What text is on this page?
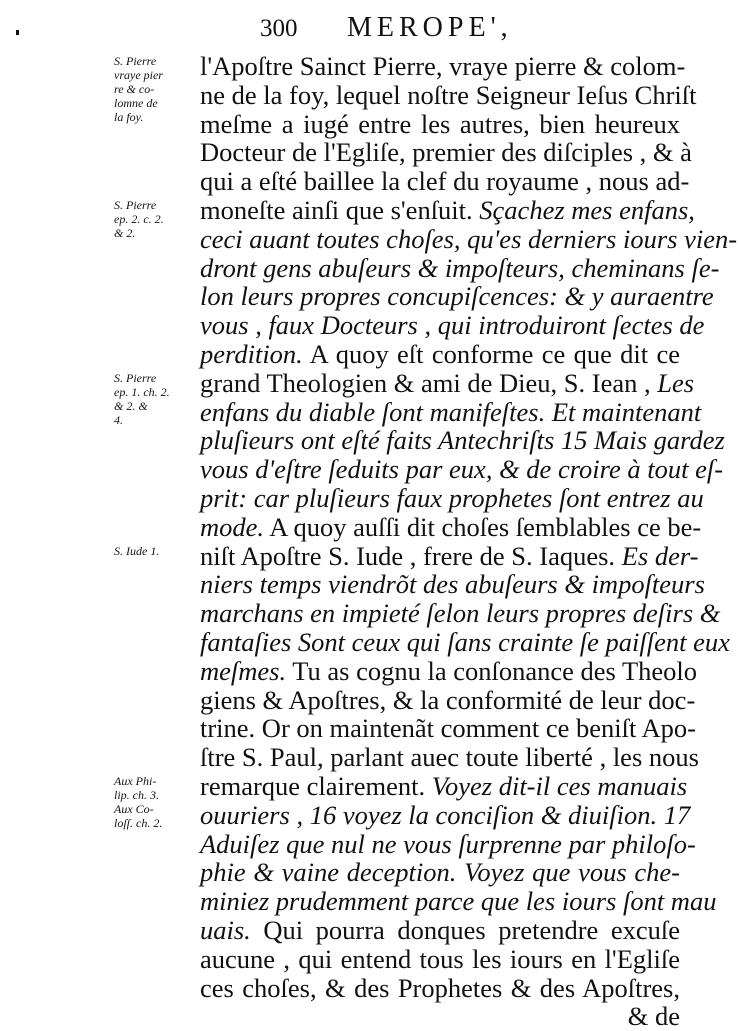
300 MEROPE',
S. Pierre
vraye pier
re & co-
lomne de
la foy.
S. Pierre
ep. 2. c. 2.
& 2.
S. Pierre
ep. 1. ch. 2.
& 2. &
4.
S. Iude 1.
Aux Phi-
lip. ch. 3.
Aux Co-
loſſ. ch. 2.
l'Apoſtre Sainct Pierre, vraye pierre & colom-
ne de la foy, lequel noſtre Seigneur Ieſus Chriſt
meſme a iugé entre les autres, bien heureux
Docteur de l'Egliſe, premier des diſciples , & à
qui a eſté baillee la clef du royaume , nous ad-
moneſte ainſi que s'enſuit. Sçachez mes enfans,
ceci auant toutes choſes, qu'es derniers iours vien-
dront gens abuſeurs & impoſteurs, cheminans ſe-
lon leurs propres concupiſcences: & y auraentre
vous , faux Docteurs , qui introduiront ſectes de
perdition. A quoy eſt conforme ce que dit ce
grand Theologien & ami de Dieu, S. Iean , Les
enfans du diable ſont manifeſtes. Et maintenant
pluſieurs ont eſté faits Antechriſts 15 Mais gardez
vous d'eſtre ſeduits par eux, & de croire à tout eſ-
prit: car pluſieurs faux prophetes ſont entrez au
mode. A quoy auſſi dit choſes ſemblables ce be-
niſt Apoſtre S. Iude , frere de S. Iaques. Es der-
niers temps viendrõt des abuſeurs & impoſteurs
marchans en impieté ſelon leurs propres deſirs &
fantaſies Sont ceux qui ſans crainte ſe paiſſent eux
meſmes. Tu as cognu la conſonance des Theolo
giens & Apoſtres, & la conformité de leur doc-
trine. Or on maintenãt comment ce beniſt Apo-
ſtre S. Paul, parlant auec toute liberté , les nous
remarque clairement. Voyez dit-il ces manuais
ouuriers , 16 voyez la conciſion & diuiſion. 17
Aduiſez que nul ne vous ſurprenne par philoſo-
phie & vaine deception. Voyez que vous che-
miniez prudemment parce que les iours ſont mau
uais. Qui pourra donques pretendre excuſe
aucune , qui entend tous les iours en l'Egliſe
ces choſes, & des Prophetes & des Apoſtres,
& de
